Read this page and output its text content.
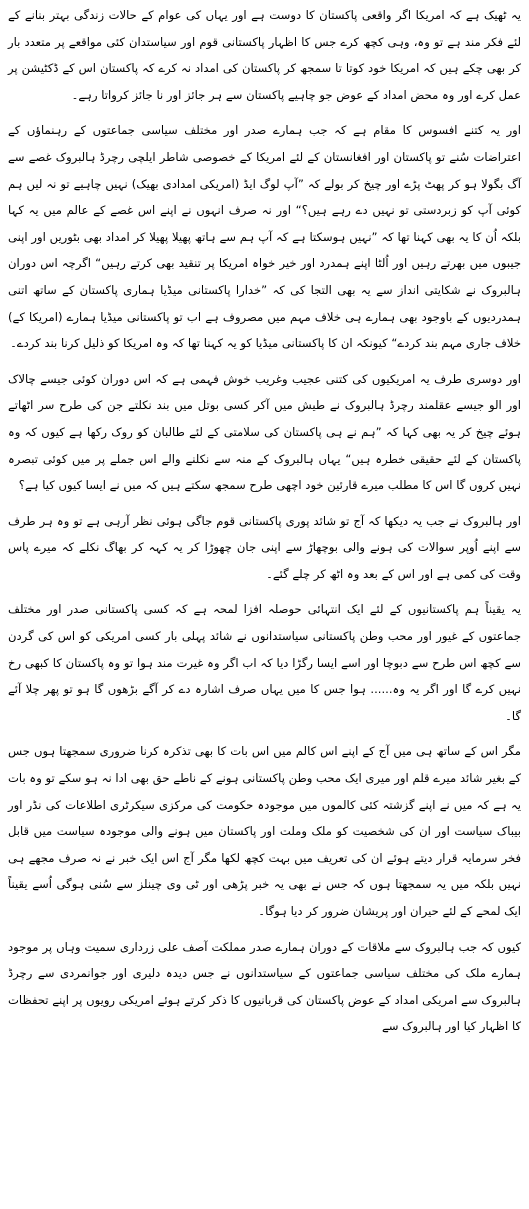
یہ ٹھیک ہے کہ امریکا اگر واقعی پاکستان کا دوست ہے اور یہاں کی عوام کے حالات زندگی بہتر بنانے کے لئے فکر مند ہے تو وہ، وہی کچھ کرے جس کا اظہار پاکستانی قوم اور سیاستدان کئی مواقعے پر متعدد بار کر بھی چکے ہیں کہ امریکا خود کوتا تا سمجھ کر پاکستان کی امداد نہ کرے کہ پاکستان اس کے ڈکٹیشن پر عمل کرے اور وہ محض امداد کے عوض جو چاہیے پاکستان سے ہر جائز اور نا جائز کرواتا رہے۔

اور یہ کتنے افسوس کا مقام ہے کہ جب ہمارے صدر اور مختلف سیاسی جماعتوں کے رہنماؤں کے اعتراضات سُنے تو پاکستان اور افغانستان کے لئے امریکا کے خصوصی شاطر ایلچی رچرڈ ہالبروک غصے سے آگ بگولا ہو کر پھٹ پڑے اور چیخ کر بولے کہ ”آپ لوگ ایڈ (امریکی امدادی بھیک) نہیں چاہیے تو نہ لیں ہم کوئی آپ کو زبردستی تو نہیں دے رہے ہیں؟“ اور نہ صرف انہوں نے اپنے اس غصے کے عالم میں یہ کہا بلکہ اُن کا یہ بھی کہنا تھا کہ ”نہیں ہوسکتا ہے کہ آپ ہم سے ہاتھ پھیلا پھیلا کر امداد بھی بٹوریں اور اپنی جیبوں میں بھرتے رہیں اور اُلٹا اپنے ہمدرد اور خیر خواہ امریکا پر تنقید بھی کرتے رہیں“ اگرچہ اس دوران ہالبروک نے شکایتی انداز سے یہ بھی التجا کی کہ ”خدارا پاکستانی میڈیا ہماری پاکستان کے ساتھ اتنی ہمدردیوں کے باوجود بھی ہمارے ہی خلاف مہم میں مصروف ہے اب تو پاکستانی میڈیا ہمارے (امریکا کے) خلاف جاری مہم بند کردے“ کیونکہ ان کا پاکستانی میڈیا کو یہ کہنا تھا کہ وہ امریکا کو ذلیل کرنا بند کردے۔

اور دوسری طرف یہ امریکیوں کی کتنی عجیب وغریب خوش فہمی ہے کہ اس دوران کوئی جیسے چالاک اور الو جیسے عقلمند رچرڈ ہالبروک نے طیش میں آکر کسی بوتل میں بند نکلتے جن کی طرح سر اٹھاتے ہوئے چیخ کر یہ بھی کہا کہ ”ہم نے ہی پاکستان کی سلامتی کے لئے طالبان کو روک رکھا ہے کیوں کہ وہ پاکستان کے لئے حقیقی خطرہ ہیں“ یہاں ہالبروک کے منہ سے نکلنے والے اس جملے پر میں کوئی تبصرہ نہیں کروں گا اس کا مطلب میرے قارئین خود اچھی طرح سمجھ سکتے ہیں کہ میں نے ایسا کیوں کیا ہے؟

اور ہالبروک نے جب یہ دیکھا کہ آج تو شائد پوری پاکستانی قوم جاگی ہوئی نظر آرہی ہے تو وہ ہر طرف سے اپنے اُوپر سوالات کی ہونے والی بوچھاڑ سے اپنی جان چھوڑا کر یہ کہہ کر بھاگ نکلے کہ میرے پاس وقت کی کمی ہے اور اس کے بعد وہ اٹھ کر چلے گئے۔

یہ یقیناً ہم پاکستانیوں کے لئے ایک انتہائی حوصلہ افزا لمحہ ہے کہ کسی پاکستانی صدر اور مختلف جماعتوں کے غیور اور محب وطن پاکستانی سیاستدانوں نے شائد پہلی بار کسی امریکی کو اس کی گردن سے کچھ اس طرح سے دبوچا اور اسے ایسا رگڑا دیا کہ اب اگر وہ غیرت مند ہوا تو وہ پاکستان کا کبھی رخ نہیں کرے گا اور اگر یہ وہ...... ہوا جس کا میں یہاں صرف اشارہ دے کر آگے بڑھوں گا ہو تو پھر چلا آئے گا۔

مگر اس کے ساتھ ہی میں آج کے اپنے اس کالم میں اس بات کا بھی تذکرہ کرنا ضروری سمجھتا ہوں جس کے بغیر شائد میرے قلم اور میری ایک محب وطن پاکستانی ہونے کے ناطے حق بھی ادا نہ ہو سکے تو وہ بات یہ ہے کہ میں نے اپنے گزشتہ کئی کالموں میں موجودہ حکومت کی مرکزی سیکرٹری اطلاعات کی نڈر اور بیباک سیاست اور ان کی شخصیت کو ملک وملت اور پاکستان میں ہونے والی موجودہ سیاست میں قابل فخر سرمایہ قرار دیتے ہوئے ان کی تعریف میں بہت کچھ لکھا مگر آج اس ایک خبر نے نہ صرف مجھے ہی نہیں بلکہ میں یہ سمجھتا ہوں کہ جس نے بھی یہ خبر پڑھی اور ٹی وی چینلز سے سُنی ہوگی اُسے یقیناً ایک لمحے کے لئے حیران اور پریشان ضرور کر دیا ہوگا۔

کیوں کہ جب ہالبروک سے ملاقات کے دوران ہمارے صدر مملکت آصف علی زرداری سمیت وہاں پر موجود ہمارے ملک کی مختلف سیاسی جماعتوں کے سیاستدانوں نے جس دیدہ دلیری اور جوانمردی سے رچرڈ ہالبروک سے امریکی امداد کے عوض پاکستان کی قربانیوں کا ذکر کرتے ہوئے امریکی رویوں پر اپنے تحفظات کا اظہار کیا اور ہالبروک سے
